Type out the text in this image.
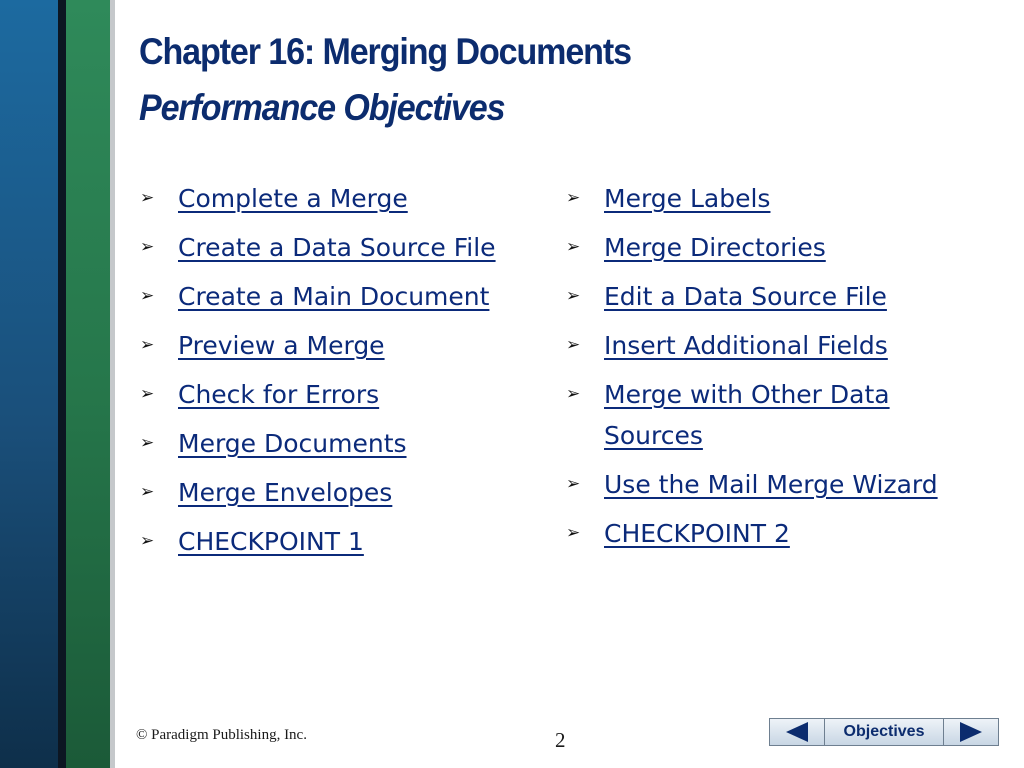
Chapter 16: Merging Documents
Performance Objectives
➢ Complete a Merge
➢ Create a Data Source File
➢ Create a Main Document
➢ Preview a Merge
➢ Check for Errors
➢ Merge Documents
➢ Merge Envelopes
➢ CHECKPOINT 1
➢ Merge Labels
➢ Merge Directories
➢ Edit a Data Source File
➢ Insert Additional Fields
➢ Merge with Other Data Sources
➢ Use the Mail Merge Wizard
➢ CHECKPOINT 2
© Paradigm Publishing, Inc.	2	Objectives
